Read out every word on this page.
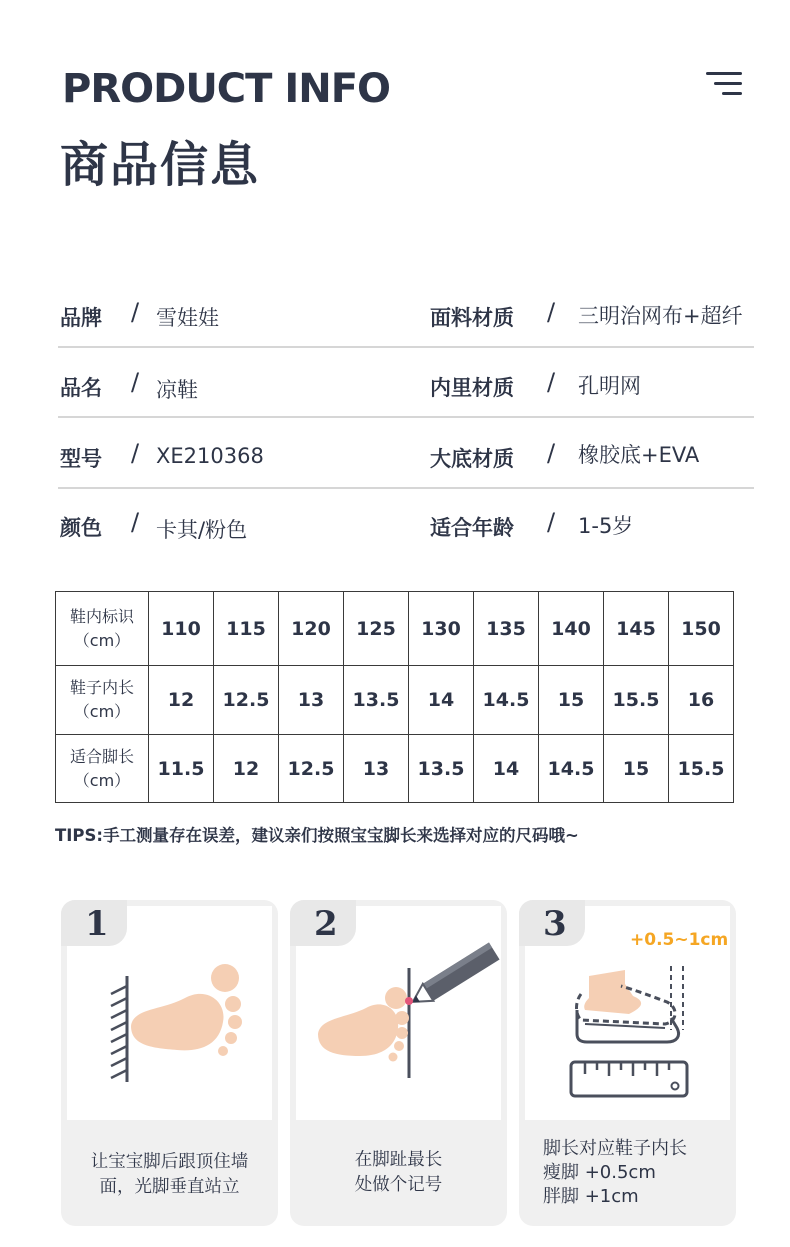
PRODUCT INFO
商品信息
品牌 / 雪娃娃	面料材质 / 三明治网布+超纤
品名 / 凉鞋	内里材质 / 孔明网
型号 / XE210368	大底材质 / 橡胶底+EVA
颜色 / 卡其/粉色	适合年龄 / 1-5岁
鞋内标识
（cm）	110	115	120	125	130	135	140	145	150
鞋子内长
（cm）	12	12.5	13	13.5	14	14.5	15	15.5	16
适合脚长
（cm）	11.5	12	12.5	13	13.5	14	14.5	15	15.5
TIPS:手工测量存在误差，建议亲们按照宝宝脚长来选择对应的尺码哦~
1
让宝宝脚后跟顶住墙
面，光脚垂直站立
2
在脚趾最长
处做个记号
3	+0.5~1cm
脚长对应鞋子内长
瘦脚 +0.5cm
胖脚 +1cm
